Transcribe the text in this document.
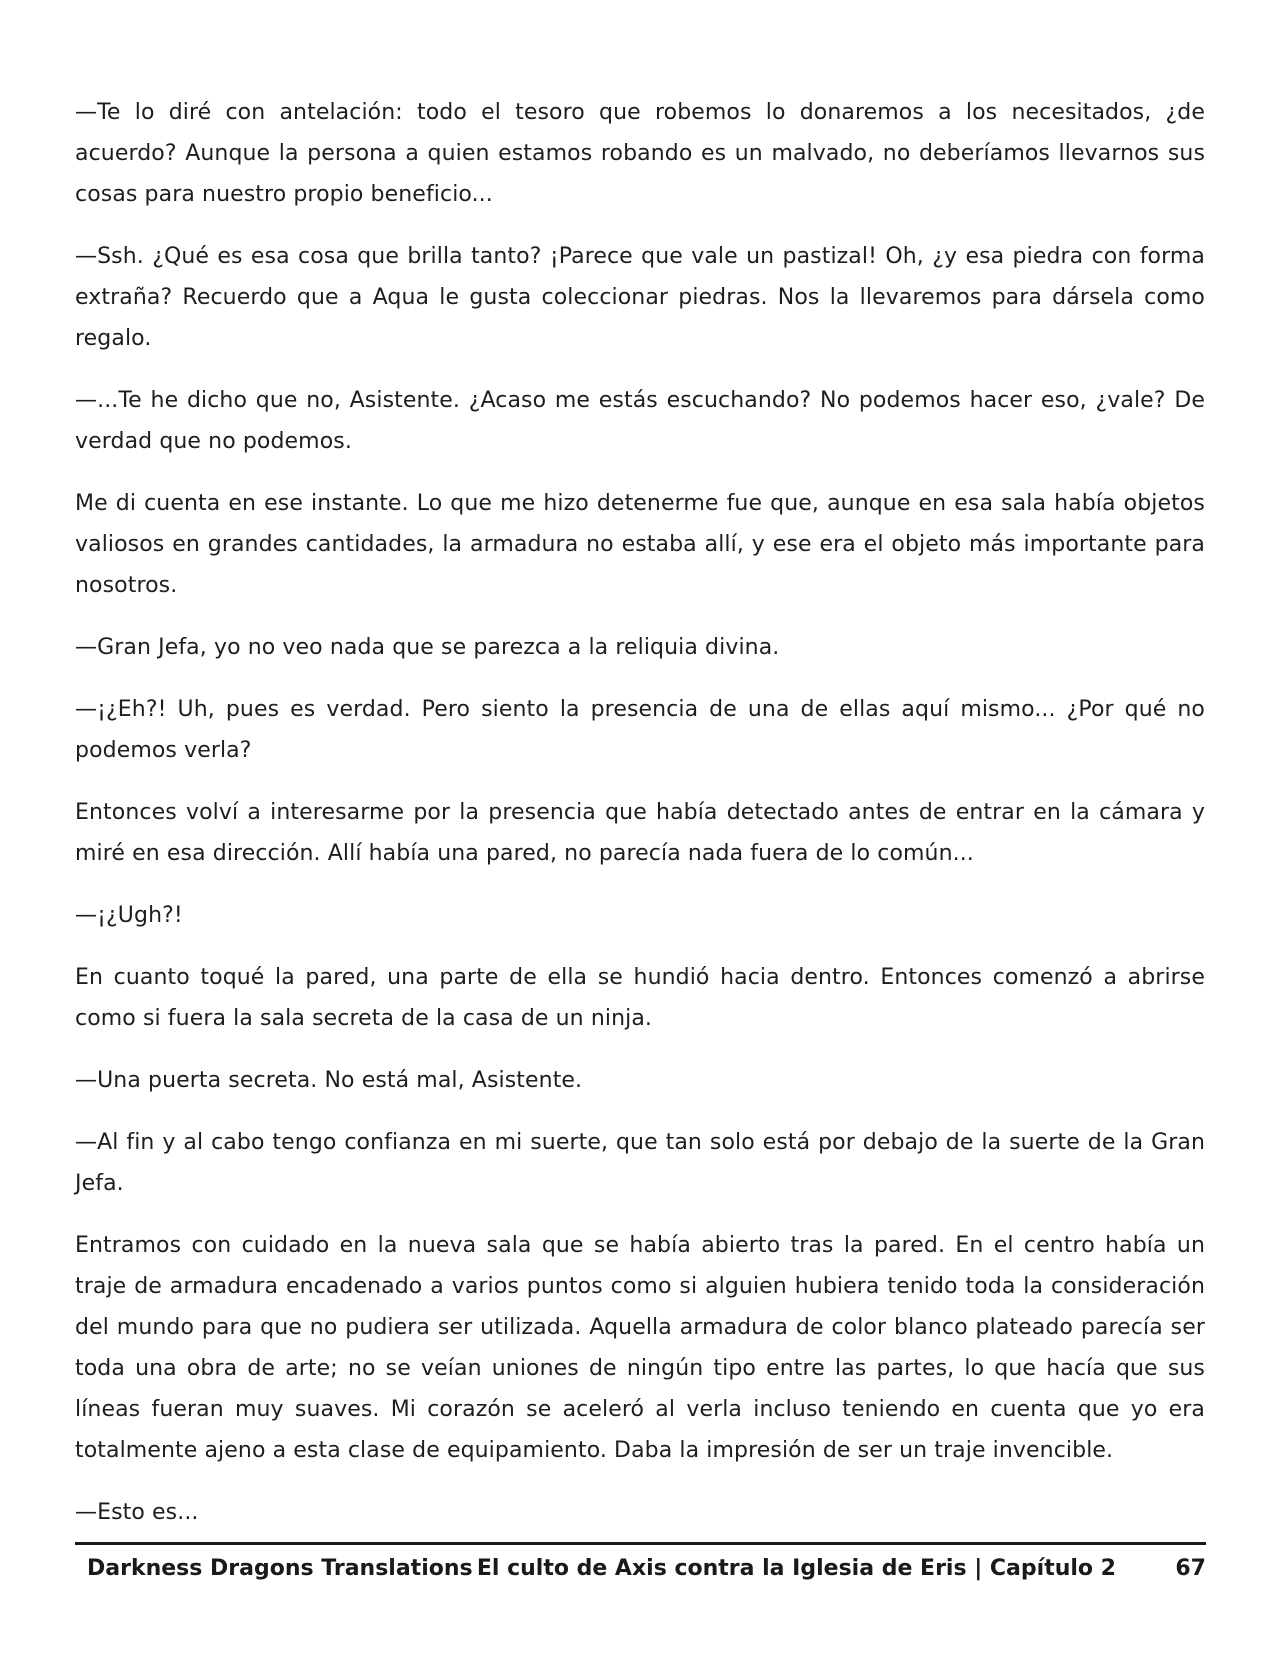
—Te lo diré con antelación: todo el tesoro que robemos lo donaremos a los necesitados, ¿de acuerdo? Aunque la persona a quien estamos robando es un malvado, no deberíamos llevarnos sus cosas para nuestro propio beneficio...

—Ssh. ¿Qué es esa cosa que brilla tanto? ¡Parece que vale un pastizal! Oh, ¿y esa piedra con forma extraña? Recuerdo que a Aqua le gusta coleccionar piedras. Nos la llevaremos para dársela como regalo.

—...Te he dicho que no, Asistente. ¿Acaso me estás escuchando? No podemos hacer eso, ¿vale? De verdad que no podemos.

Me di cuenta en ese instante. Lo que me hizo detenerme fue que, aunque en esa sala había objetos valiosos en grandes cantidades, la armadura no estaba allí, y ese era el objeto más importante para nosotros.

—Gran Jefa, yo no veo nada que se parezca a la reliquia divina.

—¡¿Eh?! Uh, pues es verdad. Pero siento la presencia de una de ellas aquí mismo... ¿Por qué no podemos verla?

Entonces volví a interesarme por la presencia que había detectado antes de entrar en la cámara y miré en esa dirección. Allí había una pared, no parecía nada fuera de lo común...

—¡¿Ugh?!

En cuanto toqué la pared, una parte de ella se hundió hacia dentro. Entonces comenzó a abrirse como si fuera la sala secreta de la casa de un ninja.

—Una puerta secreta. No está mal, Asistente.

—Al fin y al cabo tengo confianza en mi suerte, que tan solo está por debajo de la suerte de la Gran Jefa.

Entramos con cuidado en la nueva sala que se había abierto tras la pared. En el centro había un traje de armadura encadenado a varios puntos como si alguien hubiera tenido toda la consideración del mundo para que no pudiera ser utilizada. Aquella armadura de color blanco plateado parecía ser toda una obra de arte; no se veían uniones de ningún tipo entre las partes, lo que hacía que sus líneas fueran muy suaves. Mi corazón se aceleró al verla incluso teniendo en cuenta que yo era totalmente ajeno a esta clase de equipamiento. Daba la impresión de ser un traje invencible.

—Esto es...

Darkness Dragons Translations El culto de Axis contra la Iglesia de Eris | Capítulo 2	67
